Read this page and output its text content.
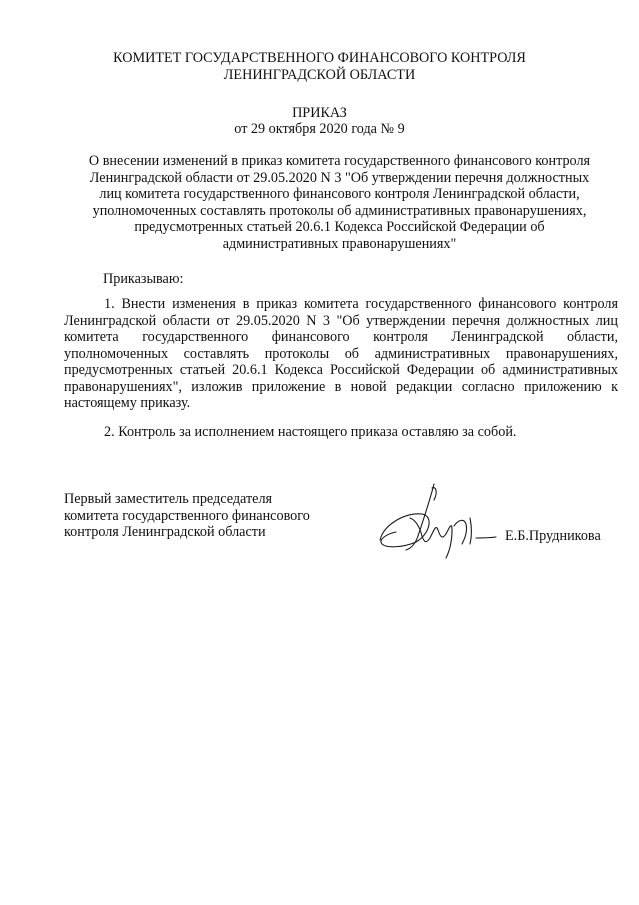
КОМИТЕТ ГОСУДАРСТВЕННОГО ФИНАНСОВОГО КОНТРОЛЯ
ЛЕНИНГРАДСКОЙ ОБЛАСТИ
ПРИКАЗ
от 29 октября 2020 года № 9
О внесении изменений в приказ комитета государственного финансового контроля
Ленинградской области от 29.05.2020 N 3 "Об утверждении перечня должностных
лиц комитета государственного финансового контроля Ленинградской области,
уполномоченных составлять протоколы об административных правонарушениях,
предусмотренных статьей 20.6.1 Кодекса Российской Федерации об
административных правонарушениях"
Приказываю:
1. Внести изменения в приказ комитета государственного финансового контроля Ленинградской области от 29.05.2020 N 3 "Об утверждении перечня должностных лиц комитета государственного финансового контроля Ленинградской области, уполномоченных составлять протоколы об административных правонарушениях, предусмотренных статьей 20.6.1 Кодекса Российской Федерации об административных правонарушениях", изложив приложение в новой редакции согласно приложению к настоящему приказу.
2. Контроль за исполнением настоящего приказа оставляю за собой.
Первый заместитель председателя
комитета государственного финансового
контроля Ленинградской области	Е.Б.Прудникова
